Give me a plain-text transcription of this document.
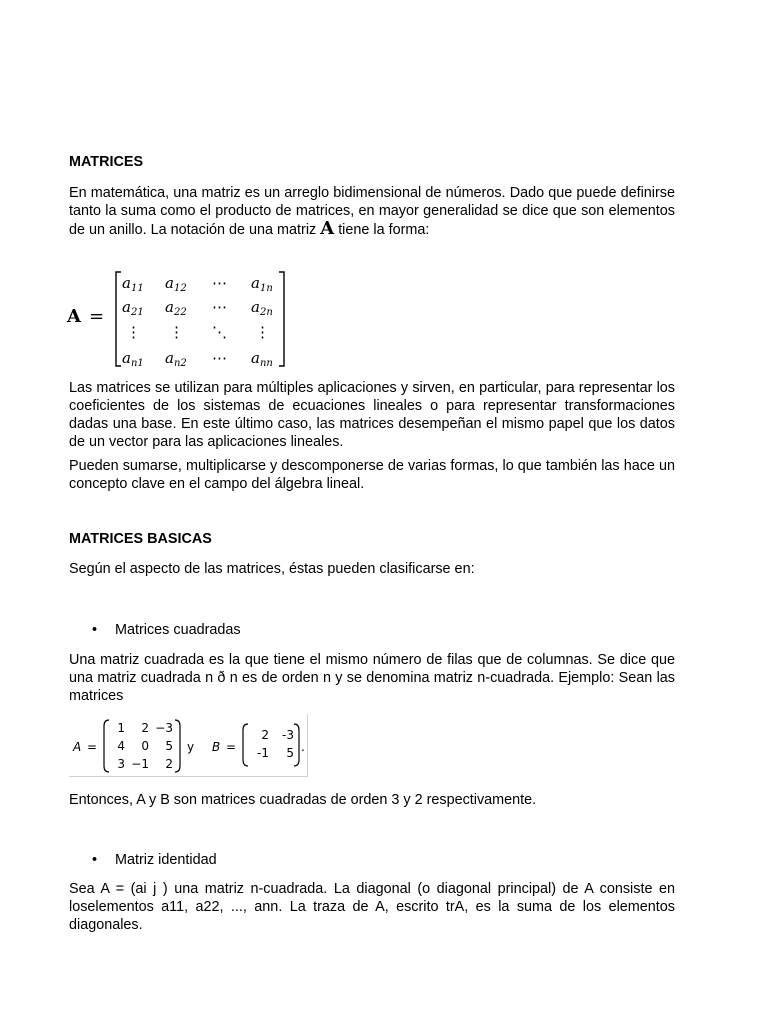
MATRICES

En matemática, una matriz es un arreglo bidimensional de números. Dado que puede definirse tanto la suma como el producto de matrices, en mayor generalidad se dice que son elementos de un anillo. La notación de una matriz A tiene la forma:

A =
$a_{11}$ $a_{12}$ ⋯ $a_{1n}$
$a_{21}$ $a_{22}$ ⋯ $a_{2n}$
⋮ ⋮ ⋱ ⋮
$a_{n1}$ $a_{n2}$ ⋯ $a_{nn}$

Las matrices se utilizan para múltiples aplicaciones y sirven, en particular, para representar los coeficientes de los sistemas de ecuaciones lineales o para representar transformaciones dadas una base. En este último caso, las matrices desempeñan el mismo papel que los datos de un vector para las aplicaciones lineales.

Pueden sumarse, multiplicarse y descomponerse de varias formas, lo que también las hace un concepto clave en el campo del álgebra lineal.

MATRICES BASICAS

Según el aspecto de las matrices, éstas pueden clasificarse en:

• Matrices cuadradas

Una matriz cuadrada es la que tiene el mismo número de filas que de columnas. Se dice que una matriz cuadrada n ð n es de orden n y se denomina matriz n-cuadrada. Ejemplo: Sean las matrices

A =
1	2 −3
4	0	5
3 −1	2
y B =
2	-3
-1	5 .

Entonces, A y B son matrices cuadradas de orden 3 y 2 respectivamente.

• Matriz identidad

Sea A = (ai j ) una matriz n-cuadrada. La diagonal (o diagonal principal) de A consiste en loselementos a11, a22, ..., ann. La traza de A, escrito trA, es la suma de los elementos diagonales.
